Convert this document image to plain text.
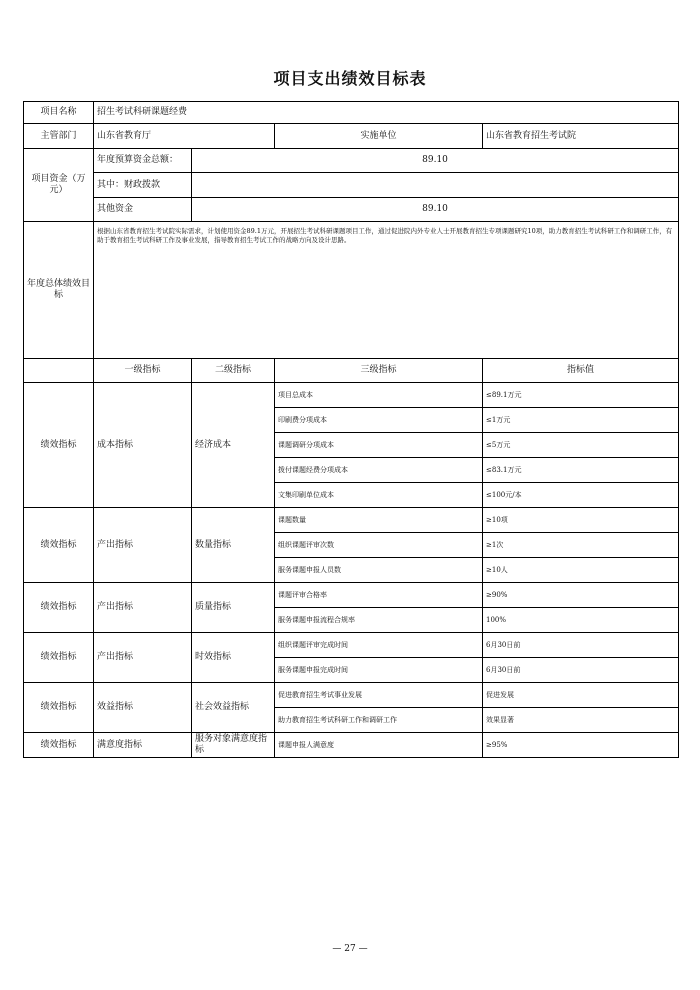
项目支出绩效目标表
项目名称	招生考试科研课题经费			
主管部门	山东省教育厅		实施单位	山东省教育招生考试院
项目资金（万元）	年度预算资金总额：	89.10		
	其中：财政拨款			
	其他资金	89.10		
年度总体绩效目标	根据山东省教育招生考试院实际需求，计划使用资金89.1万元，开展招生考试科研课题项目工作，通过促进院内外专业人士开展教育招生专项课题研究10项，助力教育招生考试科研工作和调研工作，有助于教育招生考试科研工作及事业发展，指导教育招生考试工作的战略方向及设计思路。			
	一级指标	二级指标	三级指标	指标值
绩效指标	成本指标	经济成本	项目总成本	≤89.1万元
			印刷费分项成本	≤1万元
			课题调研分项成本	≤5万元
			拨付课题经费分项成本	≤83.1万元
			文集印刷单位成本	≤100元/本
绩效指标	产出指标	数量指标	课题数量	≥10项
			组织课题评审次数	≥1次
			服务课题申报人员数	≥10人
绩效指标	产出指标	质量指标	课题评审合格率	≥90%
			服务课题申报流程合规率	100%
绩效指标	产出指标	时效指标	组织课题评审完成时间	6月30日前
			服务课题申报完成时间	6月30日前
绩效指标	效益指标	社会效益指标	促进教育招生考试事业发展	促进发展
			助力教育招生考试科研工作和调研工作	效果显著
绩效指标	满意度指标	服务对象满意度指标	课题申报人满意度	≥95%
— 27 —
